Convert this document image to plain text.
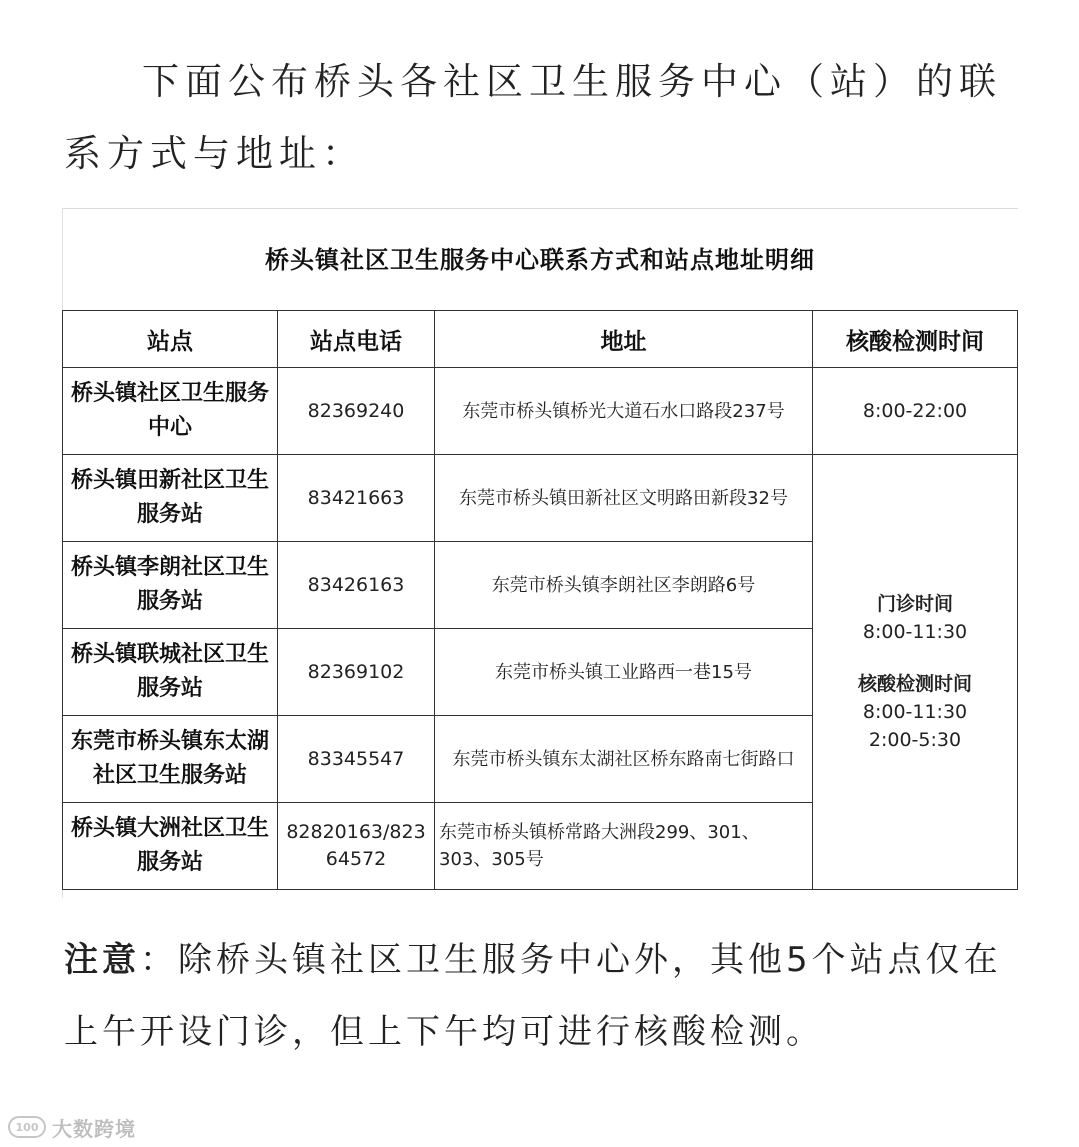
下面公布桥头各社区卫生服务中心（站）的联系方式与地址：

桥头镇社区卫生服务中心联系方式和站点地址明细
站点	站点电话	地址	核酸检测时间
桥头镇社区卫生服务中心	82369240	东莞市桥头镇桥光大道石水口路段237号	8:00-22:00
桥头镇田新社区卫生服务站	83421663	东莞市桥头镇田新社区文明路田新段32号	门诊时间
8:00-11:30
核酸检测时间
8:00-11:30
2:00-5:30

桥头镇李朗社区卫生服务站	83426163	东莞市桥头镇李朗社区李朗路6号	
桥头镇联城社区卫生服务站	82369102	东莞市桥头镇工业路西一巷15号	
东莞市桥头镇东太湖社区卫生服务站	83345547	东莞市桥头镇东太湖社区桥东路南七街路口	
桥头镇大洲社区卫生服务站	82820163/82364572	东莞市桥头镇桥常路大洲段299、301、303、305号	

注意：除桥头镇社区卫生服务中心外，其他5个站点仅在上午开设门诊，但上下午均可进行核酸检测。

100 大数跨境
